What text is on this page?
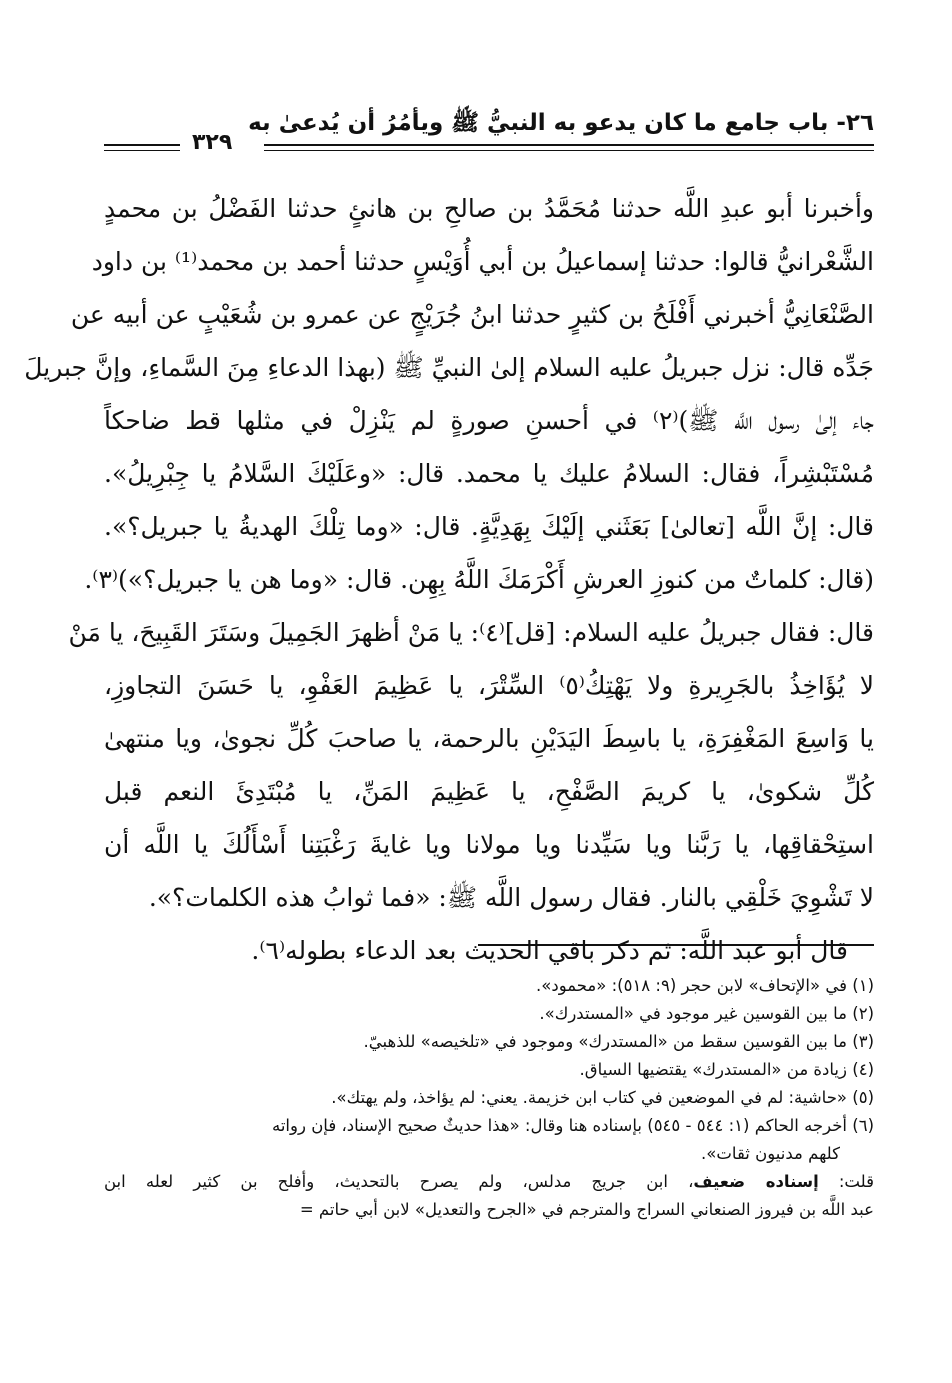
٢٦- باب جامع ما كان يدعو به النبيُّ ﷺ ويأمُرُ أن يُدعىٰ به
٣٢٩
وأخبرنا أبو عبدِ اللَّه حدثنا مُحَمَّدُ بن صالحِ بن هانئٍ حدثنا الفَضْلُ بن محمدٍ
الشَّعْرانيُّ قالوا: حدثنا إسماعيلُ بن أبي أُوَيْسٍ حدثنا أحمد بن محمد⁽¹⁾ بن داود
الصَّنْعَانِيُّ أخبرني أَفْلَحُ بن كثيرٍ حدثنا ابنُ جُرَيْجٍ عن عمرو بن شُعَيْبٍ عن أبيه عن
جَدِّه قال: نزل جبريلُ عليه السلام إلىٰ النبيِّ ﷺ (بهذا الدعاءِ مِنَ السَّماءِ، وإنَّ جبريلَ
جاء إلىٰ رسول اللَّه ﷺ)⁽٢⁾ في أحسنِ صورةٍ لم يَنْزِلْ في مثلها قط ضاحكاً
مُسْتَبْشِراً، فقال: السلامُ عليك يا محمد. قال: «وعَلَيْكَ السَّلامُ يا جِبْرِيلُ».
قال: إنَّ اللَّه [تعالىٰ] بَعَثَني إلَيْكَ بِهَدِيَّةٍ. قال: «وما تِلْكَ الهديةُ يا جبريل؟».
(قال: كلماتٌ من كنوزِ العرشِ أَكْرَمَكَ اللَّهُ بِهِن. قال: «وما هن يا جبريل؟»)⁽٣⁾.
قال: فقال جبريلُ عليه السلام: [قل]⁽٤⁾: يا مَنْ أظهرَ الجَمِيلَ وسَتَرَ القَبِيحَ، يا مَنْ
لا يُؤَاخِذُ بالجَرِيرةِ ولا يَهْتِكُ⁽٥⁾ السِّتْرَ، يا عَظِيمَ العَفْوِ، يا حَسَنَ التجاوزِ،
يا وَاسِعَ المَغْفِرَةِ، يا باسِطَ اليَدَيْنِ بالرحمة، يا صاحبَ كُلِّ نجوىٰ، ويا منتهىٰ
كُلِّ شكوىٰ، يا كريمَ الصَّفْحِ، يا عَظِيمَ المَنِّ، يا مُبْتَدِئَ النعم قبل
استِحْقاقِها، يا رَبَّنا ويا سَيِّدنا ويا مولانا ويا غايةَ رَغْبَتِنا أَسْأَلُكَ يا اللَّه أن
لا تَشْوِيَ خَلْقِي بالنار. فقال رسول اللَّه ﷺ: «فما ثوابُ هذه الكلمات؟».
قال أبو عبد اللَّه: ثم ذكر باقي الحديث بعد الدعاء بطوله⁽٦⁾.
(١) في «الإتحاف» لابن حجر (٩: ٥١٨): «محمود».
(٢) ما بين القوسين غير موجود في «المستدرك».
(٣) ما بين القوسين سقط من «المستدرك» وموجود في «تلخيصه» للذهبيّ.
(٤) زيادة من «المستدرك» يقتضيها السياق.
(٥) «حاشية: لم في الموضعين في كتاب ابن خزيمة. يعني: لم يؤاخذ، ولم يهتك».
(٦) أخرجه الحاكم (١: ٥٤٤ - ٥٤٥) بإسناده هنا وقال: «هذا حديثٌ صحيح الإسناد، فإن رواته
كلهم مدنيون ثقات».
قلت: إسناده ضعيف، ابن جريج مدلس، ولم يصرح بالتحديث، وأفلح بن كثير لعله ابن
عبد اللَّه بن فيروز الصنعاني السراج والمترجم في «الجرح والتعديل» لابن أبي حاتم =
